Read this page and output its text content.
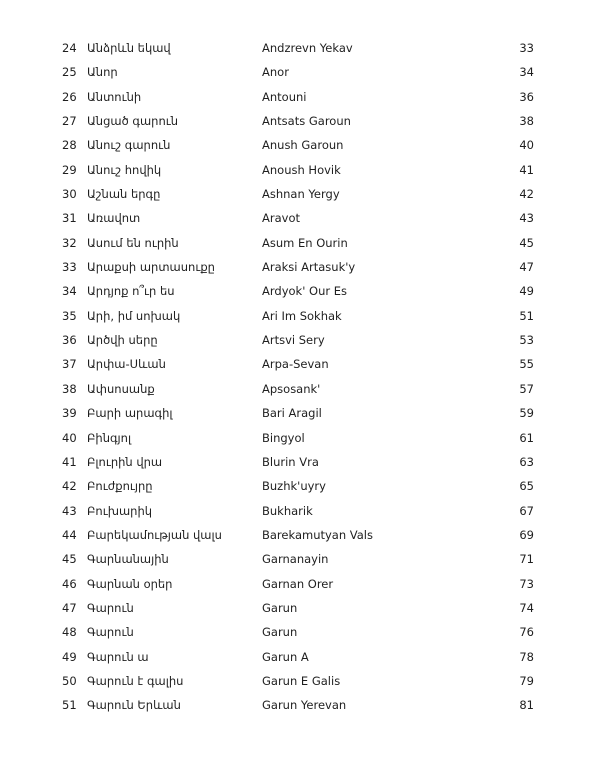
24 Անձրևն եկավ	Andzrevn Yekav	33
25 Անոր	Anor	34
26 Անտունի	Antouni	36
27 Անցած գարուն	Antsats Garoun	38
28 Անուշ գարուն	Anush Garoun	40
29 Անուշ հովիկ	Anoush Hovik	41
30 Աշնան երգը	Ashnan Yergy	42
31 Առավոտ	Aravot	43
32 Ասում են ուրին	Asum En Ourin	45
33 Արաքսի արտասուքը	Araksi Artasuk'y	47
34 Արդյոք ո՞ւր ես	Ardyok' Our Es	49
35 Արի, իմ սոխակ	Ari Im Sokhak	51
36 Արծվի սերը	Artsvi Sery	53
37 Արփա-Սևան	Arpa-Sevan	55
38 Ափսոսանք	Apsosank'	57
39 Բարի արագիլ	Bari Aragil	59
40 Բինգյոլ	Bingyol	61
41 Բլուրին վրա	Blurin Vra	63
42 Բուժքույրը	Buzhk'uyry	65
43 Բուխարիկ	Bukharik	67
44 Բարեկամության վալս	Barekamutyan Vals	69
45 Գարնանային	Garnanayin	71
46 Գարնան օրեր	Garnan Orer	73
47 Գարուն	Garun	74
48 Գարուն	Garun	76
49 Գարուն ա	Garun A	78
50 Գարուն է գալիս	Garun E Galis	79
51 Գարուն Երևան	Garun Yerevan	81
